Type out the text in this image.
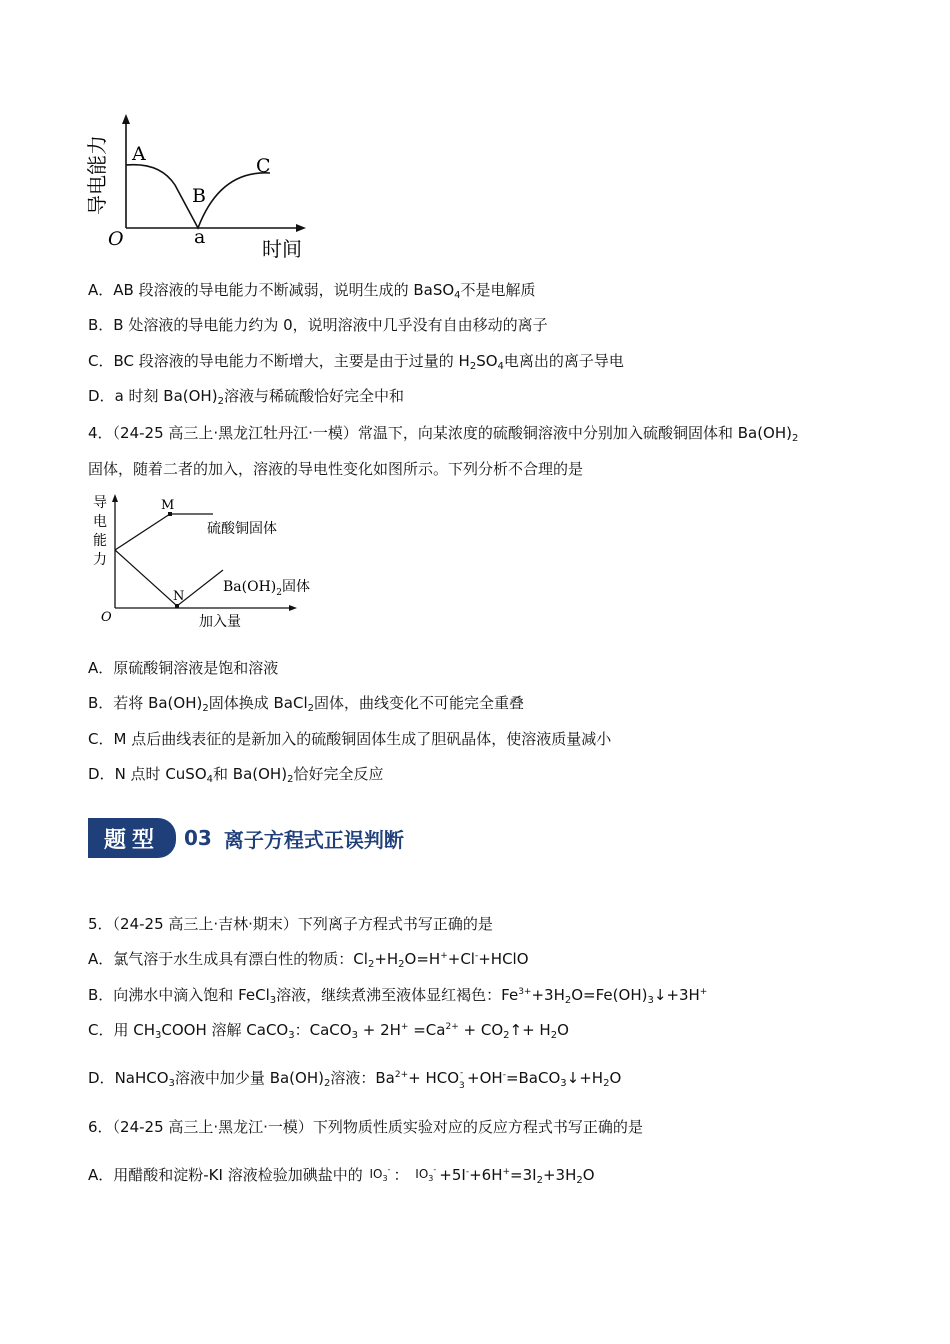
导电能力 A
B
C
O	a	时间
A．AB 段溶液的导电能力不断减弱，说明生成的 BaSO$_4$不是电解质
B．B 处溶液的导电能力约为 0，说明溶液中几乎没有自由移动的离子
C．BC 段溶液的导电能力不断增大，主要是由于过量的 $H_2SO_4$电离出的离子导电
D．a 时刻 $Ba(OH)_2$溶液与稀硫酸恰好完全中和
4．（24-25 高三上·黑龙江牡丹江·一模）常温下，向某浓度的硫酸铜溶液中分别加入硫酸铜固体和 $Ba(OH)_2$
固体，随着二者的加入，溶液的导电性变化如图所示。下列分析不合理的是
导
电
能
力
M
N
硫酸铜固体
$Ba(OH)_2$固体
O	加入量
A．原硫酸铜溶液是饱和溶液
B．若将 $Ba(OH)_2$固体换成 BaCl$_2$固体，曲线变化不可能完全重叠
C．M 点后曲线表征的是新加入的硫酸铜固体生成了胆矾晶体，使溶液质量减小
D．N 点时 CuSO$_4$和 $Ba(OH)_2$恰好完全反应
题型	03 离子方程式正误判断
5．（24-25 高三上·吉林·期末）下列离子方程式书写正确的是
A．氯气溶于水生成具有漂白性的物质：$Cl_2+H_2O=H^++Cl^-+HClO$
B．向沸水中滴入饱和 FeCl$_3$溶液，继续煮沸至液体显红褐色：$Fe^{3+}+3H_2O=Fe(OH)_3↓+3H^+$
C．用 $CH_3COOH$ 溶解 CaCO$_3$：CaCO$_3$ + $2H^+ =Ca^{2+}$ + $CO_2↑+ H_2O$
D．NaHCO$_3$溶液中加少量 $Ba(OH)_2$溶液：$Ba^{2+}+$ HCO -
$3 +OH^-=BaCO_3↓+H_2O$
6．（24-25 高三上·黑龙江·一模）下列物质性质实验对应的反应方程式书写正确的是
A．用醋酸和淀粉-KI 溶液检验加碘盐中的 $IO_3^-$ ： $IO_3^- +5I^-+6H^+=3I_2+3H_2O$
